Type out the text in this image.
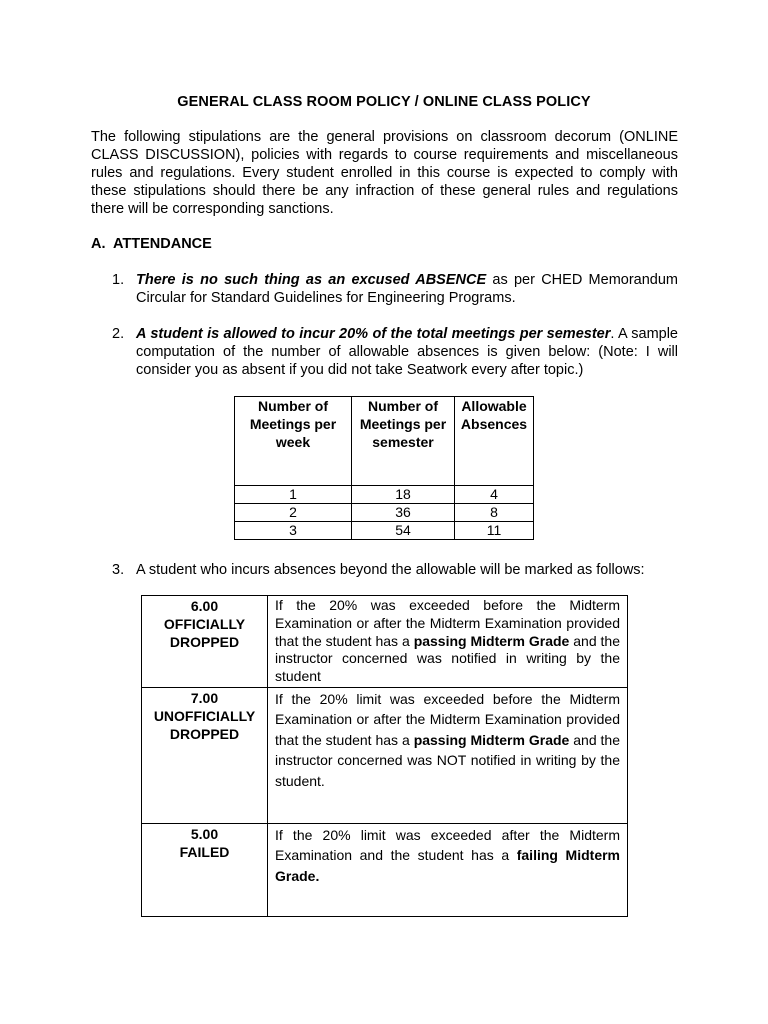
GENERAL CLASS ROOM POLICY / ONLINE CLASS POLICY
The following stipulations are the general provisions on classroom decorum (ONLINE CLASS DISCUSSION), policies with regards to course requirements and miscellaneous rules and regulations. Every student enrolled in this course is expected to comply with these stipulations should there be any infraction of these general rules and regulations there will be corresponding sanctions.
A. ATTENDANCE
1. There is no such thing as an excused ABSENCE as per CHED Memorandum Circular for Standard Guidelines for Engineering Programs.
2. A student is allowed to incur 20% of the total meetings per semester. A sample computation of the number of allowable absences is given below: (Note: I will consider you as absent if you did not take Seatwork every after topic.)
Number of Meetings per week	Number of Meetings per semester	Allowable Absences
1	18	4
2	36	8
3	54	11
3. A student who incurs absences beyond the allowable will be marked as follows:
6.00
OFFICIALLY DROPPED	If the 20% was exceeded before the Midterm Examination or after the Midterm Examination provided that the student has a passing Midterm Grade and the instructor concerned was notified in writing by the student

7.00
UNOFFICIALLY DROPPED	If the 20% limit was exceeded before the Midterm Examination or after the Midterm Examination provided that the student has a passing Midterm Grade and the instructor concerned was NOT notified in writing by the student.

5.00
FAILED	If the 20% limit was exceeded after the Midterm Examination and the student has a failing Midterm Grade.
